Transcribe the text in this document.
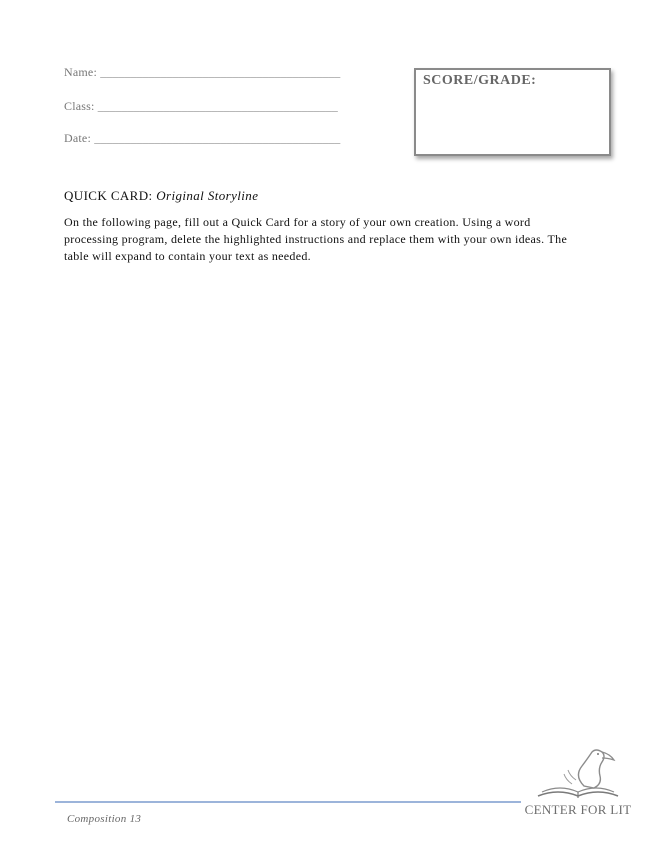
Name: ________________________________________
Class: ________________________________________
Date: _________________________________________
SCORE/GRADE:
QUICK CARD: Original Storyline
On the following page, fill out a Quick Card for a story of your own creation. Using a word processing program, delete the highlighted instructions and replace them with your own ideas. The table will expand to contain your text as needed.
Composition 13
CENTER FOR LIT
